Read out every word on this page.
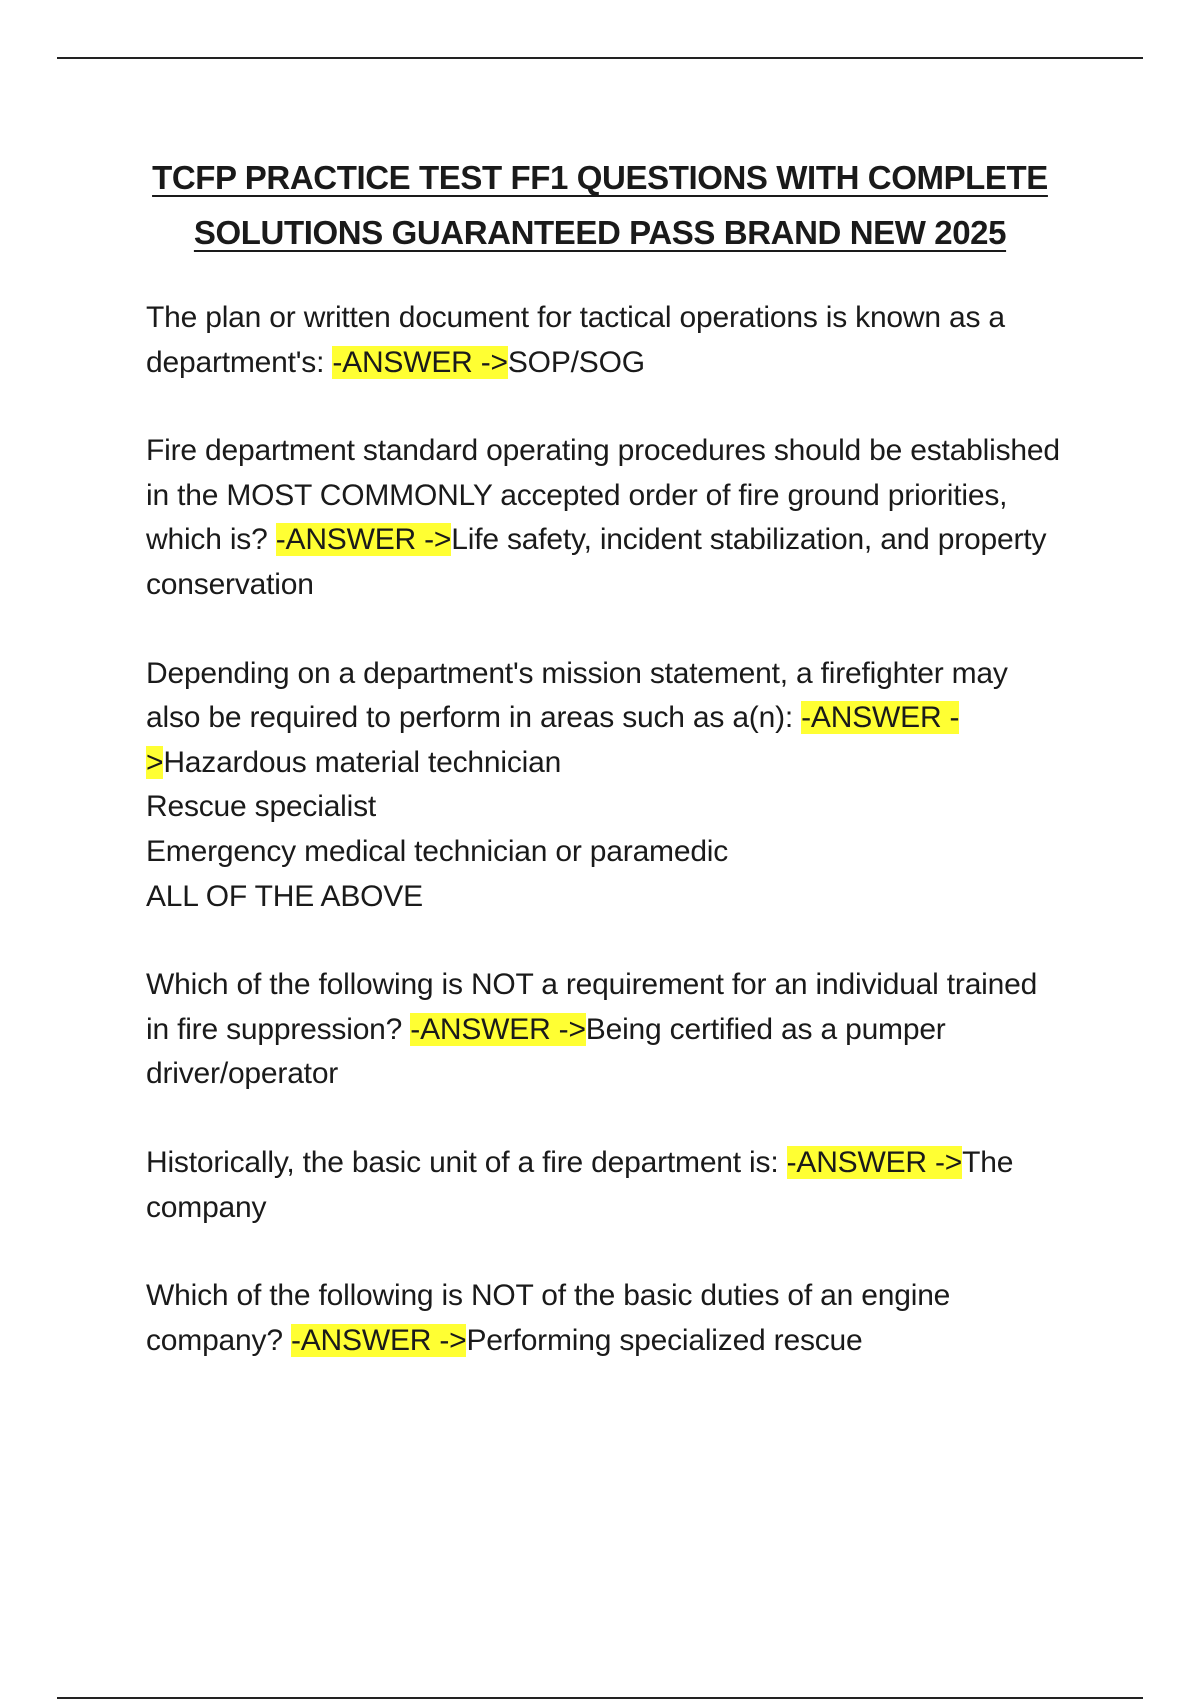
TCFP PRACTICE TEST FF1 QUESTIONS WITH COMPLETE
SOLUTIONS GUARANTEED PASS BRAND NEW 2025

The plan or written document for tactical operations is known as a department's: -ANSWER ->SOP/SOG

Fire department standard operating procedures should be established in the MOST COMMONLY accepted order of fire ground priorities, which is? -ANSWER ->Life safety, incident stabilization, and property conservation

Depending on a department's mission statement, a firefighter may also be required to perform in areas such as a(n): -ANSWER ->Hazardous material technician

Rescue specialist

Emergency medical technician or paramedic

ALL OF THE ABOVE

Which of the following is NOT a requirement for an individual trained in fire suppression? -ANSWER ->Being certified as a pumper driver/operator

Historically, the basic unit of a fire department is: -ANSWER ->The company

Which of the following is NOT of the basic duties of an engine company? -ANSWER ->Performing specialized rescue
